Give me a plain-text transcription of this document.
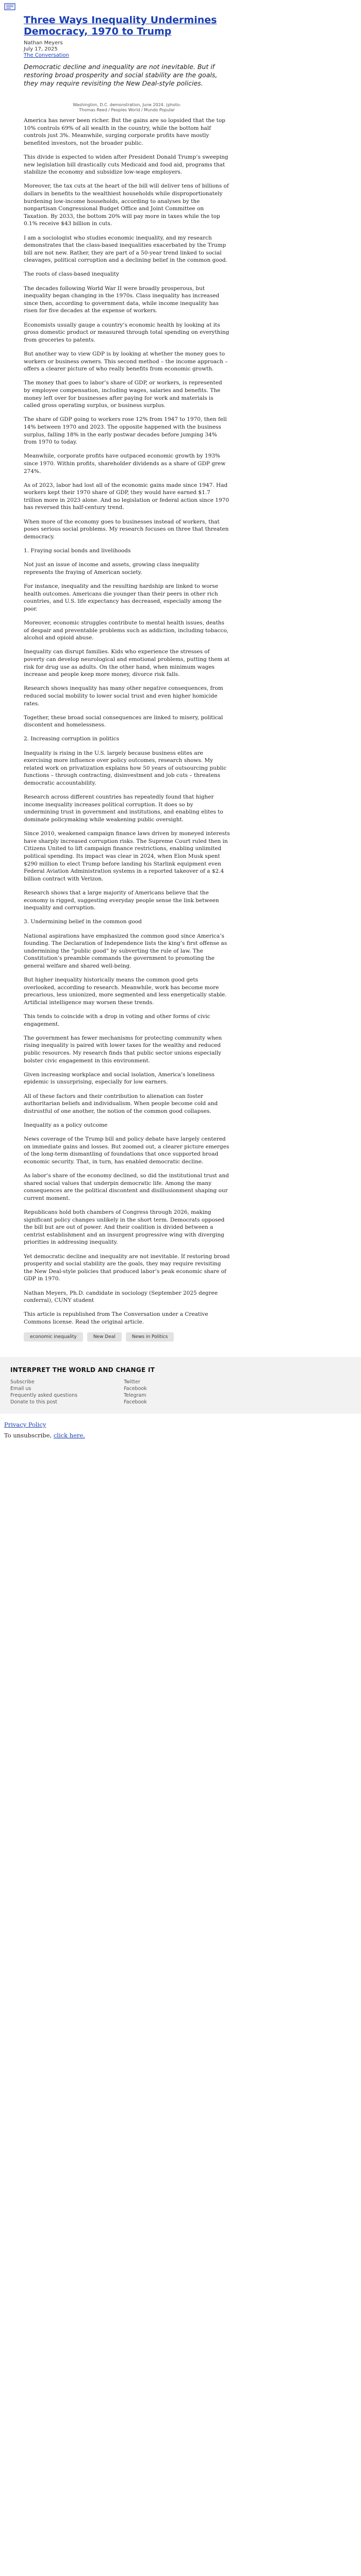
Three Ways Inequality Undermines Democracy, 1970 to Trump
Nathan Meyers
July 17, 2025
The Conversation
Democratic decline and inequality are not inevitable. But if restoring broad prosperity and social stability are the goals, they may require revisiting the New Deal-style policies.
Washington, D.C. demonstration, June 2024. (photo:
Thomas Reed / Peoples World / Mundo Popular

America has never been richer. But the gains are so lopsided that the top 10% controls 69% of all wealth in the country, while the bottom half controls just 3%. Meanwhile, surging corporate profits have mostly benefited investors, not the broader public.

This divide is expected to widen after President Donald Trump’s sweeping new legislation bill drastically cuts Medicaid and food aid, programs that stabilize the economy and subsidize low-wage employers.

Moreover, the tax cuts at the heart of the bill will deliver tens of billions of dollars in benefits to the wealthiest households while disproportionately burdening low-income households, according to analyses by the nonpartisan Congressional Budget Office and Joint Committee on Taxation. By 2033, the bottom 20% will pay more in taxes while the top 0.1% receive $43 billion in cuts.

I am a sociologist who studies economic inequality, and my research demonstrates that the class-based inequalities exacerbated by the Trump bill are not new. Rather, they are part of a 50-year trend linked to social cleavages, political corruption and a declining belief in the common good.

The roots of class-based inequality

The decades following World War II were broadly prosperous, but inequality began changing in the 1970s. Class inequality has increased since then, according to government data, while income inequality has risen for five decades at the expense of workers.

Economists usually gauge a country’s economic health by looking at its gross domestic product or measured through total spending on everything from groceries to patents.

But another way to view GDP is by looking at whether the money goes to workers or business owners. This second method – the income approach – offers a clearer picture of who really benefits from economic growth.

The money that goes to labor’s share of GDP, or workers, is represented by employee compensation, including wages, salaries and benefits. The money left over for businesses after paying for work and materials is called gross operating surplus, or business surplus.

The share of GDP going to workers rose 12% from 1947 to 1970, then fell 14% between 1970 and 2023. The opposite happened with the business surplus, falling 18% in the early postwar decades before jumping 34% from 1970 to today.

Meanwhile, corporate profits have outpaced economic growth by 193% since 1970. Within profits, shareholder dividends as a share of GDP grew 274%.

As of 2023, labor had lost all of the economic gains made since 1947. Had workers kept their 1970 share of GDP, they would have earned $1.7 trillion more in 2023 alone. And no legislation or federal action since 1970 has reversed this half-century trend.

When more of the economy goes to businesses instead of workers, that poses serious social problems. My research focuses on three that threaten democracy.

1. Fraying social bonds and livelihoods

Not just an issue of income and assets, growing class inequality represents the fraying of American society.

For instance, inequality and the resulting hardship are linked to worse health outcomes. Americans die younger than their peers in other rich countries, and U.S. life expectancy has decreased, especially among the poor.

Moreover, economic struggles contribute to mental health issues, deaths of despair and preventable problems such as addiction, including tobacco, alcohol and opioid abuse.

Inequality can disrupt families. Kids who experience the stresses of poverty can develop neurological and emotional problems, putting them at risk for drug use as adults. On the other hand, when minimum wages increase and people keep more money, divorce risk falls.

Research shows inequality has many other negative consequences, from reduced social mobility to lower social trust and even higher homicide rates.

Together, these broad social consequences are linked to misery, political discontent and homelessness.

2. Increasing corruption in politics

Inequality is rising in the U.S. largely because business elites are exercising more influence over policy outcomes, research shows. My related work on privatization explains how 50 years of outsourcing public functions – through contracting, disinvestment and job cuts – threatens democratic accountability.

Research across different countries has repeatedly found that higher income inequality increases political corruption. It does so by undermining trust in government and institutions, and enabling elites to dominate policymaking while weakening public oversight.

Since 2010, weakened campaign finance laws driven by moneyed interests have sharply increased corruption risks. The Supreme Court ruled then in Citizens United to lift campaign finance restrictions, enabling unlimited political spending. Its impact was clear in 2024, when Elon Musk spent $290 million to elect Trump before landing his Starlink equipment even Federal Aviation Administration systems in a reported takeover of a $2.4 billion contract with Verizon.

Research shows that a large majority of Americans believe that the economy is rigged, suggesting everyday people sense the link between inequality and corruption.

3. Undermining belief in the common good

National aspirations have emphasized the common good since America’s founding. The Declaration of Independence lists the king’s first offense as undermining the “public good” by subverting the rule of law. The Constitution’s preamble commands the government to promoting the general welfare and shared well-being.

But higher inequality historically means the common good gets overlooked, according to research. Meanwhile, work has become more precarious, less unionized, more segmented and less energetically stable. Artificial intelligence may worsen these trends.

This tends to coincide with a drop in voting and other forms of civic engagement.

The government has fewer mechanisms for protecting community when rising inequality is paired with lower taxes for the wealthy and reduced public resources. My research finds that public sector unions especially bolster civic engagement in this environment.

Given increasing workplace and social isolation, America’s loneliness epidemic is unsurprising, especially for low earners.

All of these factors and their contribution to alienation can foster authoritarian beliefs and individualism. When people become cold and distrustful of one another, the notion of the common good collapses.

Inequality as a policy outcome

News coverage of the Trump bill and policy debate have largely centered on immediate gains and losses. But zoomed out, a clearer picture emerges of the long-term dismantling of foundations that once supported broad economic security. That, in turn, has enabled democratic decline.

As labor’s share of the economy declined, so did the institutional trust and shared social values that underpin democratic life. Among the many consequences are the political discontent and disillusionment shaping our current moment.

Republicans hold both chambers of Congress through 2026, making significant policy changes unlikely in the short term. Democrats opposed the bill but are out of power. And their coalition is divided between a centrist establishment and an insurgent progressive wing with diverging priorities in addressing inequality.

Yet democratic decline and inequality are not inevitable. If restoring broad prosperity and social stability are the goals, they may require revisiting the New Deal-style policies that produced labor’s peak economic share of GDP in 1970.

Nathan Meyers, Ph.D. candidate in sociology (September 2025 degree conferral), CUNY student

This article is republished from The Conversation under a Creative Commons license. Read the original article.

economic inequality	New Deal	News in Politics
INTERPRET THE WORLD AND CHANGE IT
Subscribe
Email us
Frequently asked questions
Donate to this post
Twitter
Facebook
Telegram
Facebook

Privacy Policy

To unsubscribe, click here.
